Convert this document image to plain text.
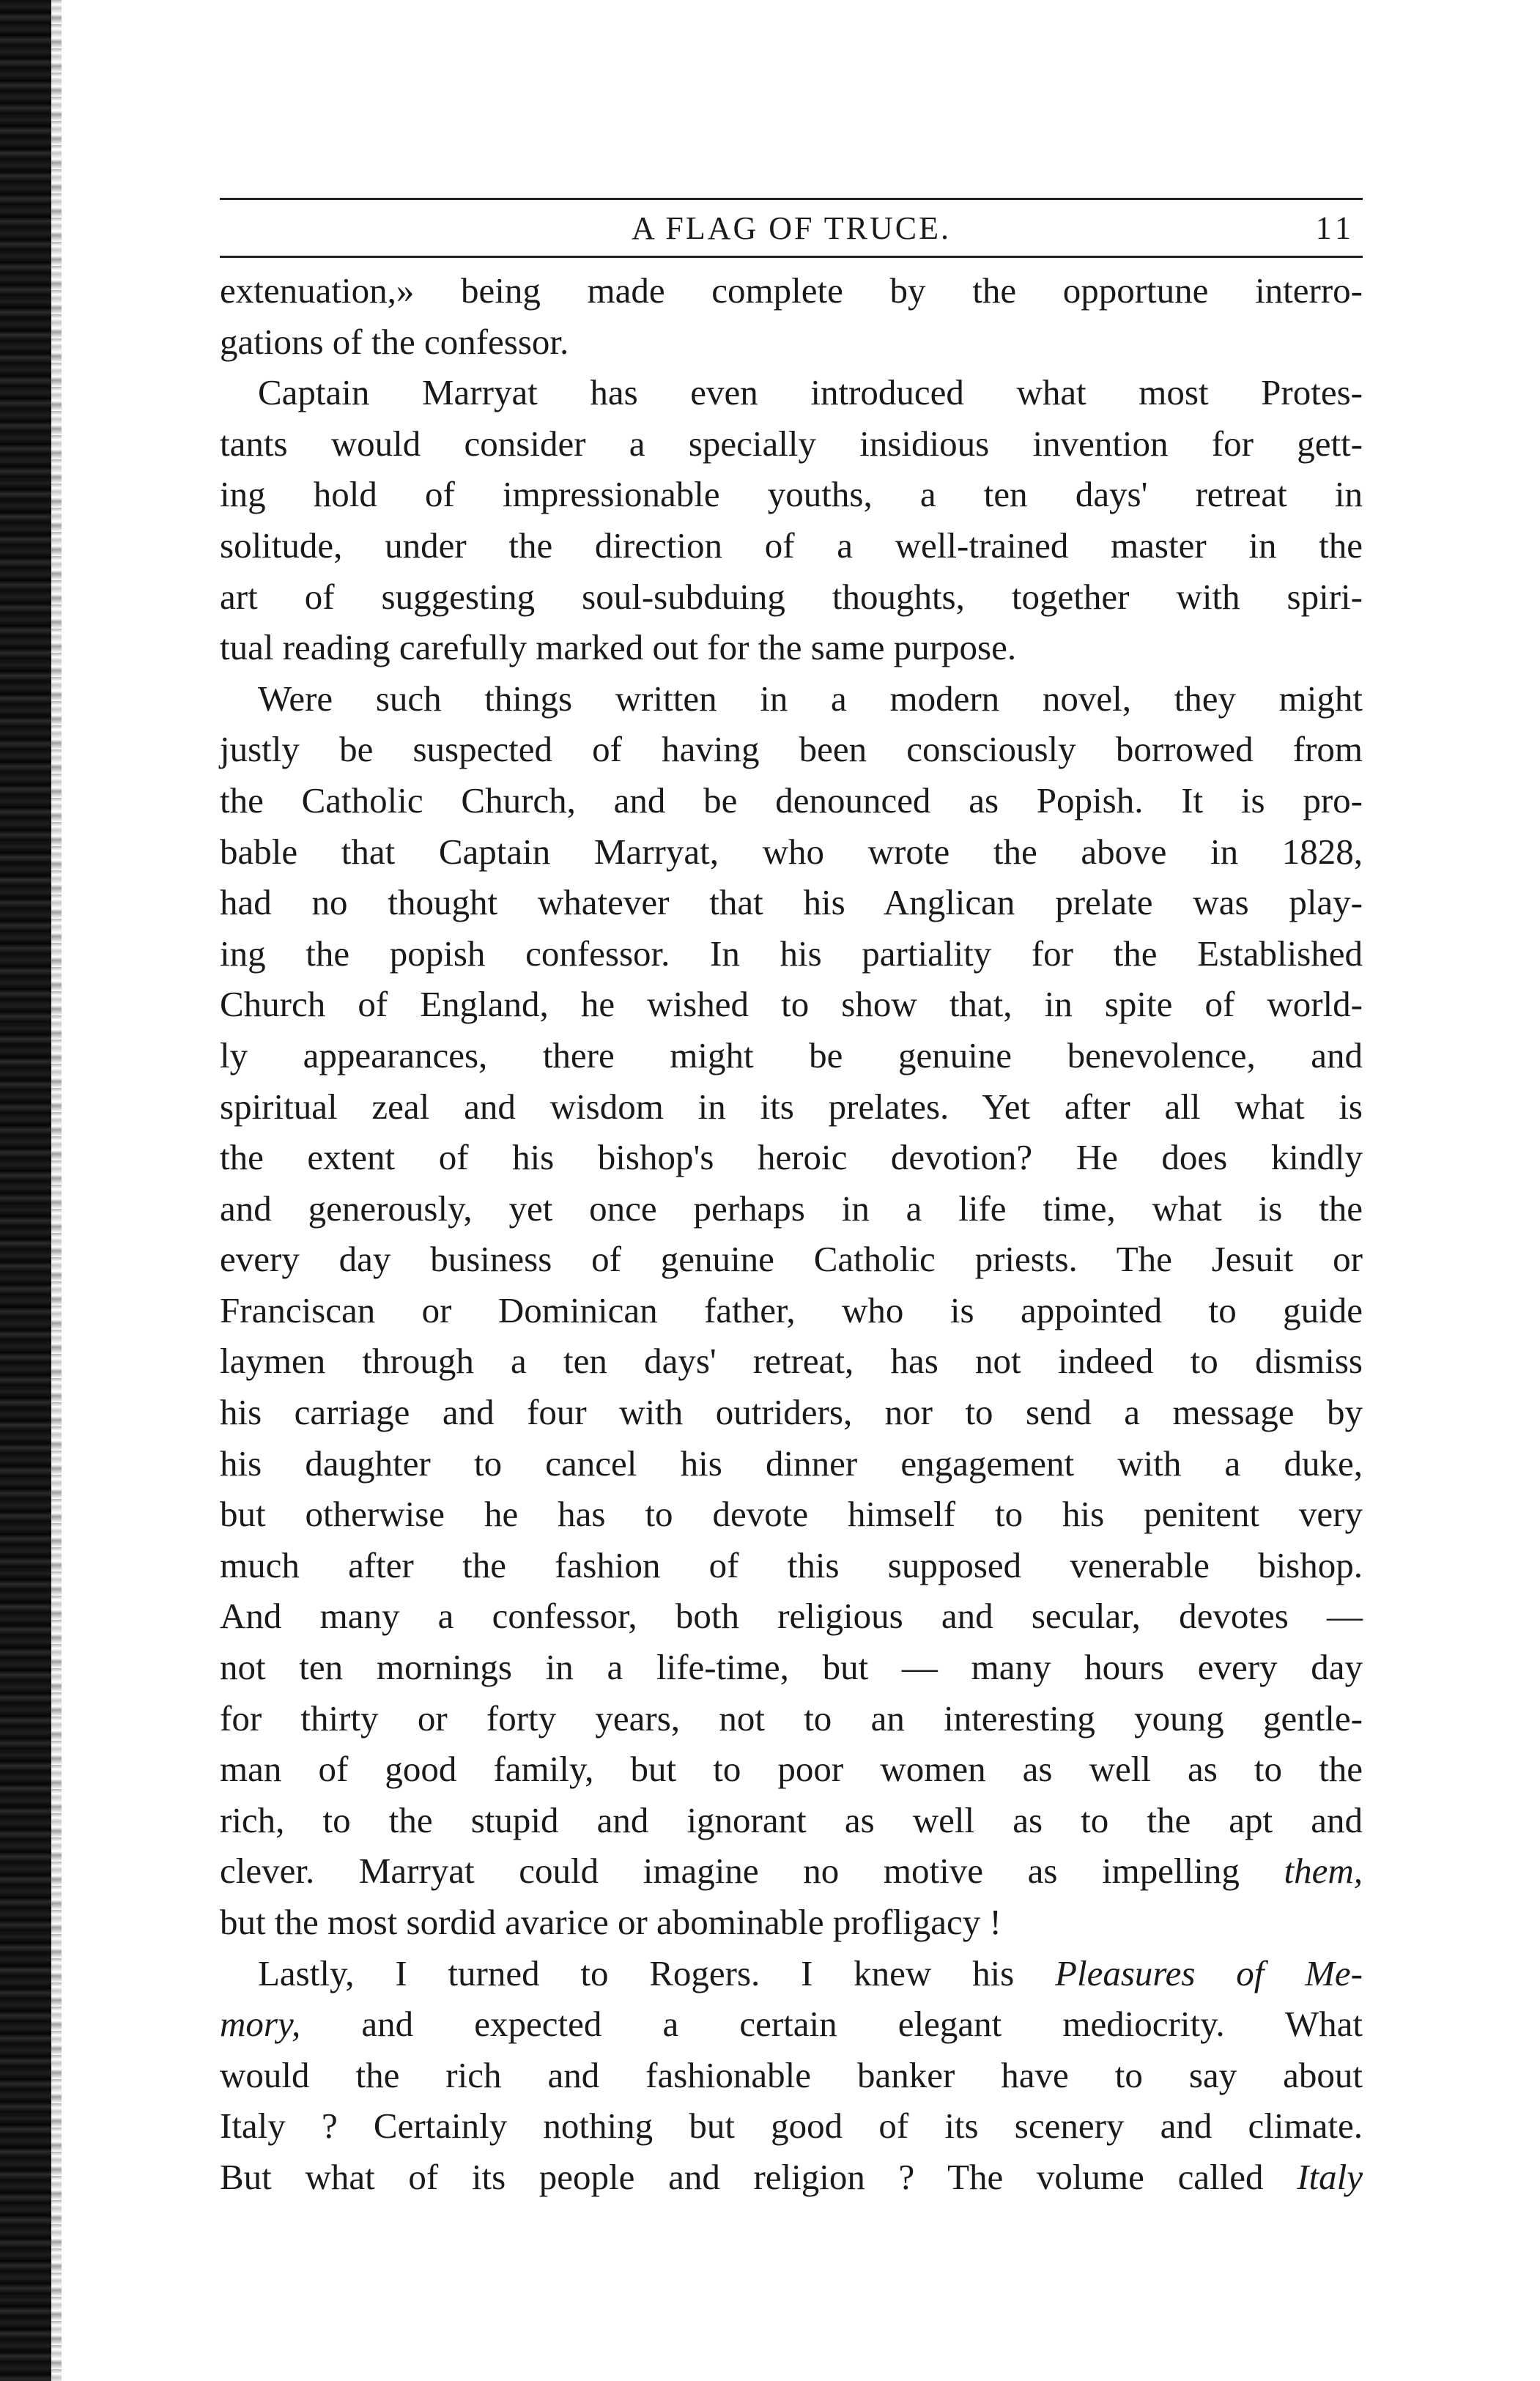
A FLAG OF TRUCE.	11
extenuation,» being made complete by the opportune interro-
gations of the confessor.
Captain Marryat has even introduced what most Protes-
tants would consider a specially insidious invention for gett-
ing hold of impressionable youths, a ten days' retreat in
solitude, under the direction of a well-trained master in the
art of suggesting soul-subduing thoughts, together with spiri-
tual reading carefully marked out for the same purpose.
Were such things written in a modern novel, they might
justly be suspected of having been consciously borrowed from
the Catholic Church, and be denounced as Popish. It is pro-
bable that Captain Marryat, who wrote the above in 1828,
had no thought whatever that his Anglican prelate was play-
ing the popish confessor. In his partiality for the Established
Church of England, he wished to show that, in spite of world-
ly appearances, there might be genuine benevolence, and
spiritual zeal and wisdom in its prelates. Yet after all what is
the extent of his bishop's heroic devotion? He does kindly
and generously, yet once perhaps in a life time, what is the
every day business of genuine Catholic priests. The Jesuit or
Franciscan or Dominican father, who is appointed to guide
laymen through a ten days' retreat, has not indeed to dismiss
his carriage and four with outriders, nor to send a message by
his daughter to cancel his dinner engagement with a duke,
but otherwise he has to devote himself to his penitent very
much after the fashion of this supposed venerable bishop.
And many a confessor, both religious and secular, devotes —
not ten mornings in a life-time, but — many hours every day
for thirty or forty years, not to an interesting young gentle-
man of good family, but to poor women as well as to the
rich, to the stupid and ignorant as well as to the apt and
clever. Marryat could imagine no motive as impelling them,
but the most sordid avarice or abominable profligacy !
Lastly, I turned to Rogers. I knew his Pleasures of Me-
mory, and expected a certain elegant mediocrity. What
would the rich and fashionable banker have to say about
Italy ? Certainly nothing but good of its scenery and climate.
But what of its people and religion ? The volume called Italy
